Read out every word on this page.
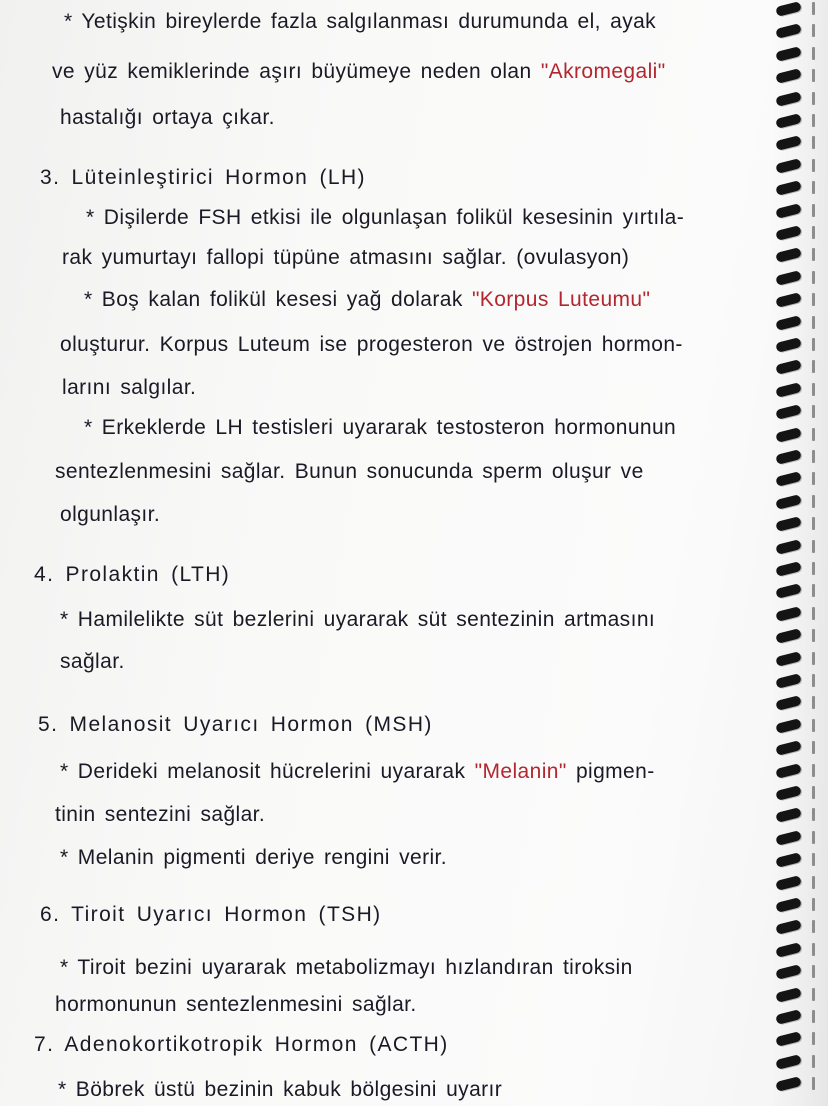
* Yetişkin bireylerde fazla salgılanması durumunda el, ayak
ve yüz kemiklerinde aşırı büyümeye neden olan "Akromegali"
hastalığı ortaya çıkar.
3. Lüteinleştirici Hormon (LH)
* Dişilerde FSH etkisi ile olgunlaşan folikül kesesinin yırtıla-
rak yumurtayı fallopi tüpüne atmasını sağlar. (ovulasyon)
* Boş kalan folikül kesesi yağ dolarak "Korpus Luteumu"
oluşturur. Korpus Luteum ise progesteron ve östrojen hormon-
larını salgılar.
* Erkeklerde LH testisleri uyararak testosteron hormonunun
sentezlenmesini sağlar. Bunun sonucunda sperm oluşur ve
olgunlaşır.
4. Prolaktin (LTH)
* Hamilelikte süt bezlerini uyararak süt sentezinin artmasını
sağlar.
5. Melanosit Uyarıcı Hormon (MSH)
* Derideki melanosit hücrelerini uyararak "Melanin" pigmen-
tinin sentezini sağlar.
* Melanin pigmenti deriye rengini verir.
6. Tiroit Uyarıcı Hormon (TSH)
* Tiroit bezini uyararak metabolizmayı hızlandıran tiroksin
hormonunun sentezlenmesini sağlar.
7. Adenokortikotropik Hormon (ACTH)
* Böbrek üstü bezinin kabuk bölgesini uyarır
